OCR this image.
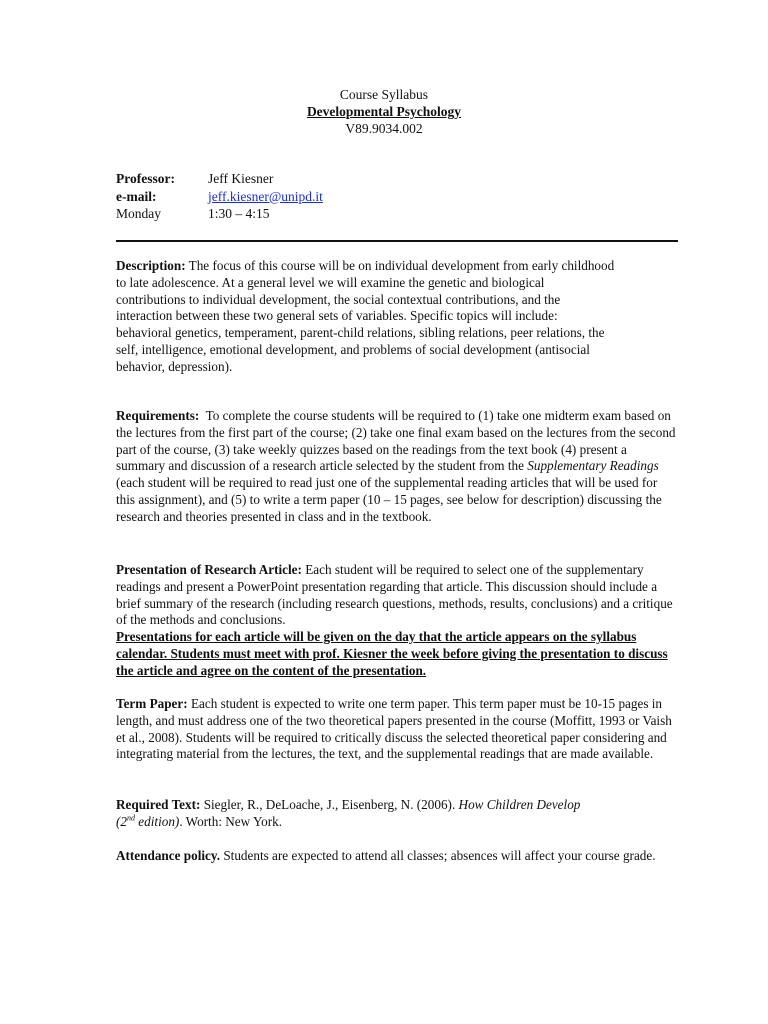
Course Syllabus
Developmental Psychology
V89.9034.002
Professor:	Jeff Kiesner
e-mail:	jeff.kiesner@unipd.it
Monday	1:30 – 4:15
Description: The focus of this course will be on individual development from early childhood to late adolescence. At a general level we will examine the genetic and biological contributions to individual development, the social contextual contributions, and the interaction between these two general sets of variables. Specific topics will include: behavioral genetics, temperament, parent-child relations, sibling relations, peer relations, the self, intelligence, emotional development, and problems of social development (antisocial behavior, depression).
Requirements: To complete the course students will be required to (1) take one midterm exam based on the lectures from the first part of the course; (2) take one final exam based on the lectures from the second part of the course, (3) take weekly quizzes based on the readings from the text book (4) present a summary and discussion of a research article selected by the student from the Supplementary Readings (each student will be required to read just one of the supplemental reading articles that will be used for this assignment), and (5) to write a term paper (10 – 15 pages, see below for description) discussing the research and theories presented in class and in the textbook.
Presentation of Research Article: Each student will be required to select one of the supplementary readings and present a PowerPoint presentation regarding that article. This discussion should include a brief summary of the research (including research questions, methods, results, conclusions) and a critique of the methods and conclusions.
Presentations for each article will be given on the day that the article appears on the syllabus calendar. Students must meet with prof. Kiesner the week before giving the presentation to discuss the article and agree on the content of the presentation.
Term Paper: Each student is expected to write one term paper. This term paper must be 10-15 pages in length, and must address one of the two theoretical papers presented in the course (Moffitt, 1993 or Vaish et al., 2008). Students will be required to critically discuss the selected theoretical paper considering and integrating material from the lectures, the text, and the supplemental readings that are made available.
Required Text: Siegler, R., DeLoache, J., Eisenberg, N. (2006). How Children Develop
(2nd edition). Worth: New York.
Attendance policy. Students are expected to attend all classes; absences will affect your course grade.
